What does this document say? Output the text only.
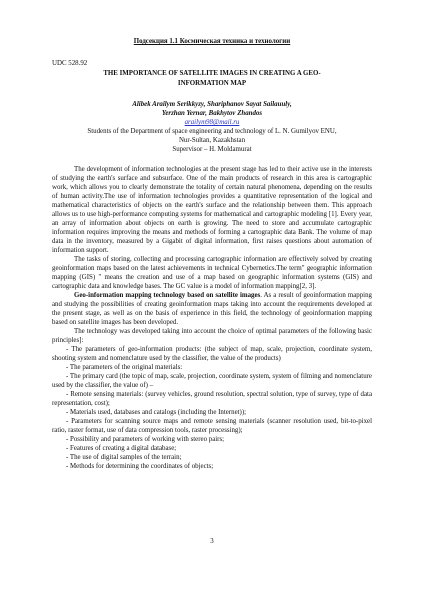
Подсекция 1.1 Космическая техника и технологии
UDC 528.92
THE IMPORTANCE OF SATELLITE IMAGES IN CREATING A GEO-
INFORMATION MAP
Alibek Arailym Serikkyzy, Shariphanov Sayat Sailauuly,
Yerzhan Yernar, Bakhytov Zhandos
arailym98@mail.ru
Students of the Department of space engineering and technology of L. N. Gumilyov ENU,
Nur-Sultan, Kazakhstan
Supervisor – H. Moldamurat

The development of information technologies at the present stage has led to their active use in the interests of studying the earth's surface and subsurface. One of the main products of research in this area is cartographic work, which allows you to clearly demonstrate the totality of certain natural phenomena, depending on the results of human activity.The use of information technologies provides a quantitative representation of the logical and mathematical characteristics of objects on the earth's surface and the relationship between them. This approach allows us to use high-performance computing systems for mathematical and cartographic modeling [1]. Every year, an array of information about objects on earth is growing. The need to store and accumulate cartographic information requires improving the means and methods of forming a cartographic data Bank. The volume of map data in the inventory, measured by a Gigabit of digital information, first raises questions about automation of information support.

The tasks of storing, collecting and processing cartographic information are effectively solved by creating geoinformation maps based on the latest achievements in technical Cybernetics.The term" geographic information mapping (GIS) " means the creation and use of a map based on geographic information systems (GIS) and cartographic data and knowledge bases. The GC value is a model of information mapping[2, 3].

Geo-information mapping technology based on satellite images. As a result of geoinformation mapping and studying the possibilities of creating geoinformation maps taking into account the requirements developed at the present stage, as well as on the basis of experience in this field, the technology of geoinformation mapping based on satellite images has been developed.

The technology was developed taking into account the choice of optimal parameters of the following basic principles]:

- The parameters of geo-information products: (the subject of map, scale, projection, coordinate system, shooting system and nomenclature used by the classifier, the value of the products)

- The parameters of the original materials:

- The primary card (the topic of map, scale, projection, coordinate system, system of filming and nomenclature used by the classifier, the value of) –

- Remote sensing materials: (survey vehicles, ground resolution, spectral solution, type of survey, type of data representation, cost);

- Materials used, databases and catalogs (including the Internet));

- Parameters for scanning source maps and remote sensing materials (scanner resolution used, bit-to-pixel ratio, raster format, use of data compression tools, raster processing);

- Possibility and parameters of working with stereo pairs;

- Features of creating a digital database;

- The use of digital samples of the terrain;

- Methods for determining the coordinates of objects;

3
